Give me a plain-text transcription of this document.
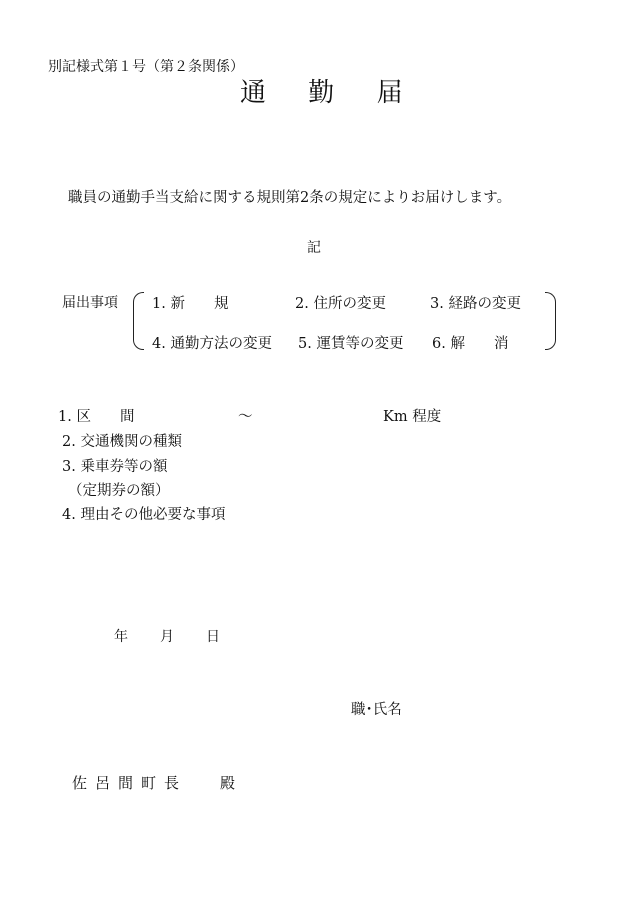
別記様式第１号（第２条関係）
通 勤 届
職員の通勤手当支給に関する規則第2条の規定によりお届けします。
記
届出事項 1. 新　　規	2. 住所の変更	3. 経路の変更
4. 通勤方法の変更 5. 運賃等の変更 6. 解　　消
1. 区　　間	～	Km 程度
2. 交通機関の種類
3. 乗車券等の額
（定期券の額）
4. 理由その他必要な事項
年 月 日
職･氏名
佐呂間町長 殿
